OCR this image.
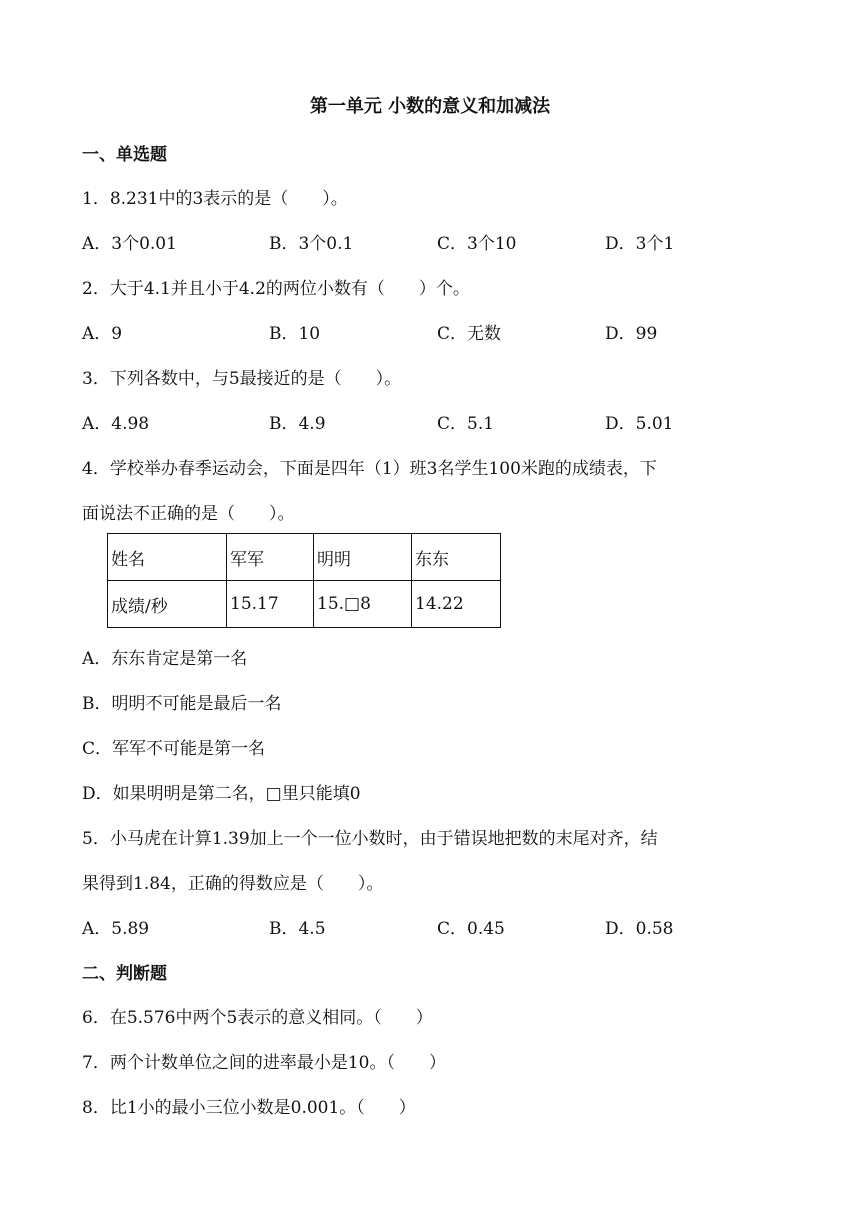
第一单元 小数的意义和加减法
一、单选题
1．8.231中的3表示的是（　　）。
A．3个0.01	B．3个0.1	C．3个10	D．3个1
2．大于4.1并且小于4.2的两位小数有（　　）个。
A．9	B．10	C．无数	D．99
3．下列各数中，与5最接近的是（　　）。
A．4.98	B．4.9	C．5.1	D．5.01
4．学校举办春季运动会，下面是四年（1）班3名学生100米跑的成绩表，下
面说法不正确的是（　　）。
姓名	军军	明明	东东
成绩/秒	15.17	15.□8	14.22
A．东东肯定是第一名
B．明明不可能是最后一名
C．军军不可能是第一名
D．如果明明是第二名，□里只能填0
5．小马虎在计算1.39加上一个一位小数时，由于错误地把数的末尾对齐，结
果得到1.84，正确的得数应是（　　）。
A．5.89	B．4.5	C．0.45	D．0.58
二、判断题
6．在5.576中两个5表示的意义相同。（　　）
7．两个计数单位之间的进率最小是10。（　　）
8．比1小的最小三位小数是0.001。（　　）
